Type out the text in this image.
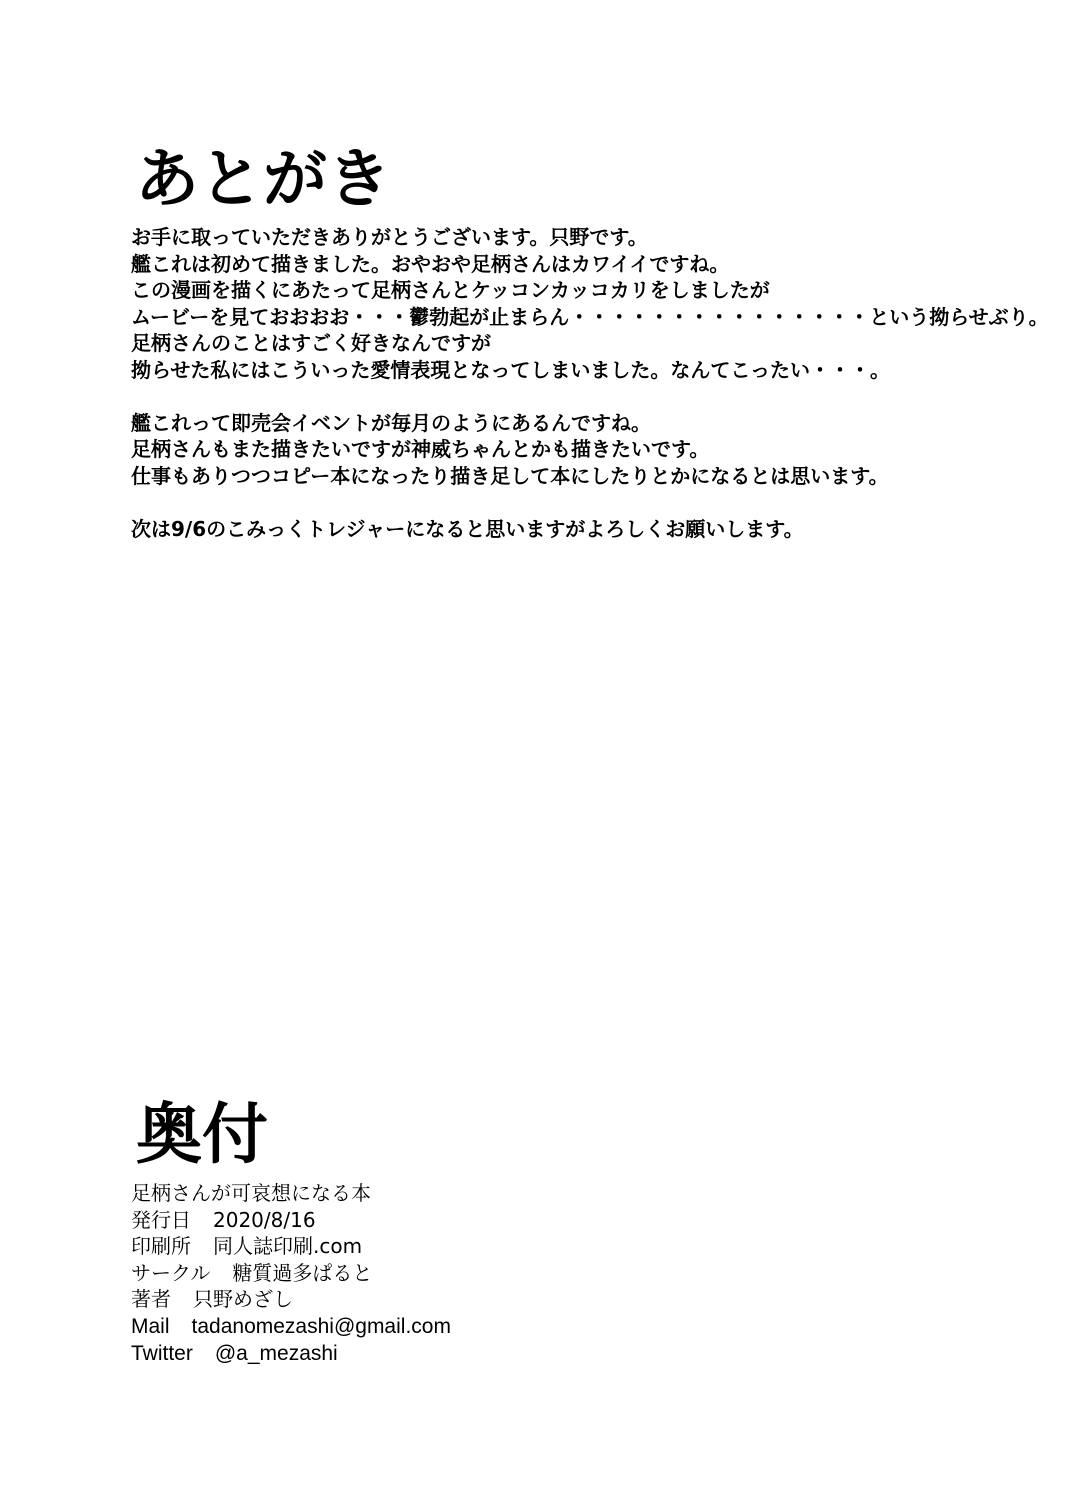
あとがき
お手に取っていただきありがとうございます。只野です。
艦これは初めて描きました。おやおや足柄さんはカワイイですね。
この漫画を描くにあたって足柄さんとケッコンカッコカリをしましたが
ムービーを見ておおおお・・・鬱勃起が止まらん・・・・・・・・・・・・・・・という拗らせぶり。
足柄さんのことはすごく好きなんですが
拗らせた私にはこういった愛情表現となってしまいました。なんてこったい・・・。
艦これって即売会イベントが毎月のようにあるんですね。
足柄さんもまた描きたいですが神威ちゃんとかも描きたいです。
仕事もありつつコピー本になったり描き足して本にしたりとかになるとは思います。
次は9/6のこみっくトレジャーになると思いますがよろしくお願いします。
奥付
足柄さんが可哀想になる本
発行日 2020/8/16
印刷所 同人誌印刷.com
サークル 糖質過多ぱると
著者 只野めざし
Mail tadanomezashi@gmail.com
Twitter @a_mezashi
